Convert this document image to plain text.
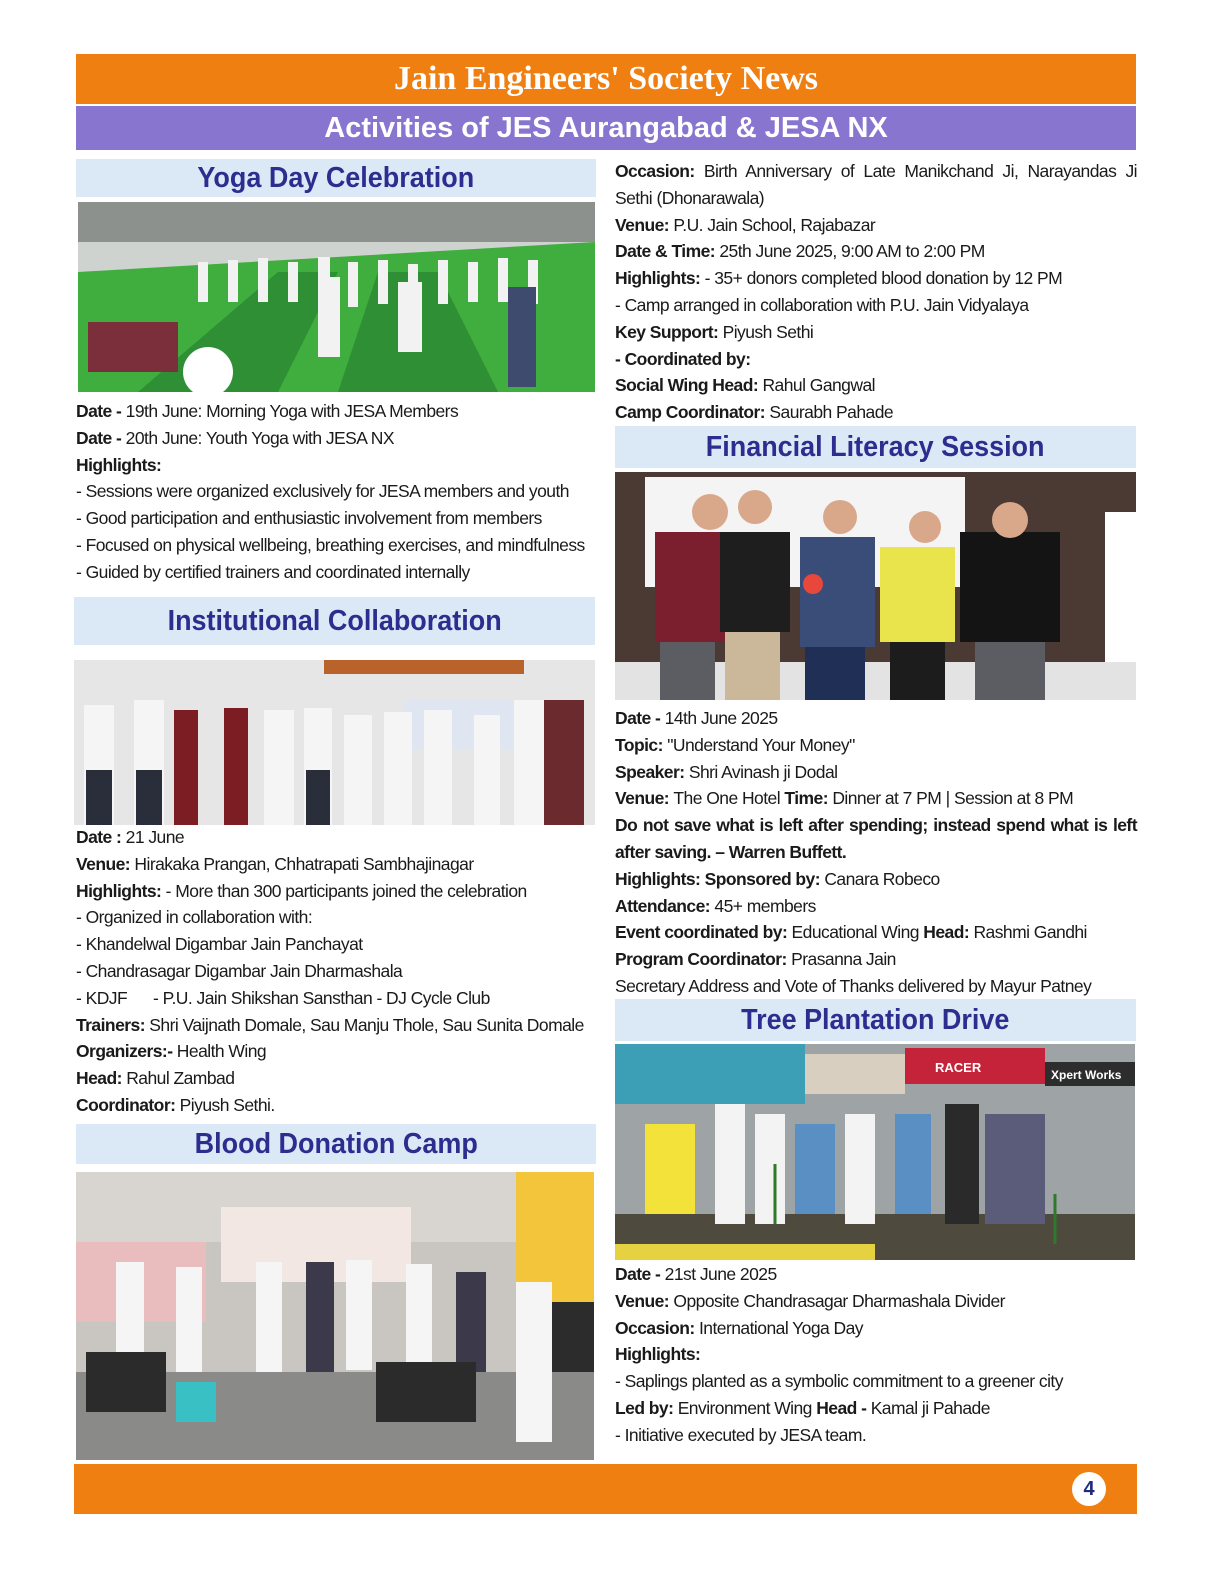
Jain Engineers' Society News
Activities of JES Aurangabad & JESA NX
Yoga Day Celebration
Date - 19th June: Morning Yoga with JESA Members
Date - 20th June: Youth Yoga with JESA NX
Highlights:
- Sessions were organized exclusively for JESA members and youth
- Good participation and enthusiastic involvement from members
- Focused on physical wellbeing, breathing exercises, and mindfulness
- Guided by certified trainers and coordinated internally
Institutional Collaboration
Date : 21 June
Venue: Hirakaka Prangan, Chhatrapati Sambhajinagar
Highlights: - More than 300 participants joined the celebration
- Organized in collaboration with:
- Khandelwal Digambar Jain Panchayat
- Chandrasagar Digambar Jain Dharmashala
- KDJF      - P.U. Jain Shikshan Sansthan - DJ Cycle Club
Trainers: Shri Vaijnath Domale, Sau Manju Thole, Sau Sunita Domale
Organizers:- Health Wing
Head: Rahul Zambad
Coordinator: Piyush Sethi.
Blood Donation Camp
Occasion: Birth Anniversary of Late Manikchand Ji, Narayandas Ji Sethi (Dhonarawala)
Venue: P.U. Jain School, Rajabazar
Date & Time: 25th June 2025, 9:00 AM to 2:00 PM
Highlights: - 35+ donors completed blood donation by 12 PM
- Camp arranged in collaboration with P.U. Jain Vidyalaya
Key Support: Piyush Sethi
- Coordinated by:
Social Wing Head: Rahul Gangwal
Camp Coordinator: Saurabh Pahade
Financial Literacy Session
Date - 14th June 2025
Topic: "Understand Your Money"
Speaker: Shri Avinash ji Dodal
Venue: The One Hotel Time: Dinner at 7 PM | Session at 8 PM
Do not save what is left after spending; instead spend what is left after saving. – Warren Buffett.
Highlights: Sponsored by: Canara Robeco
Attendance: 45+ members
Event coordinated by: Educational Wing Head: Rashmi Gandhi
Program Coordinator: Prasanna Jain
Secretary Address and Vote of Thanks delivered by Mayur Patney
Tree Plantation Drive
RACER	Xpert Works
Date - 21st June 2025
Venue: Opposite Chandrasagar Dharmashala Divider
Occasion: International Yoga Day
Highlights:
- Saplings planted as a symbolic commitment to a greener city
Led by: Environment Wing Head - Kamal ji Pahade
- Initiative executed by JESA team.
4
